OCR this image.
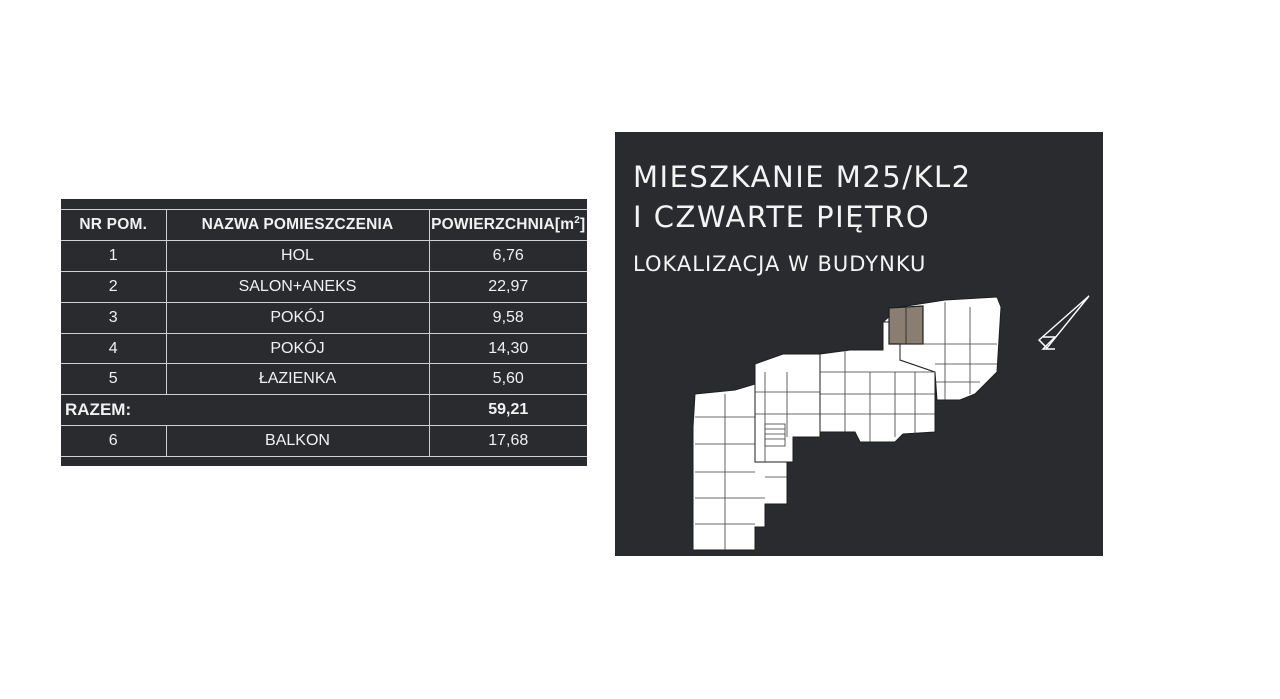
NR POM.	NAZWA POMIESZCZENIA	$POWIERZCHNIA[m^2]$
1	HOL	6,76
2	SALON+ANEKS	22,97
3	POKÓJ	9,58
4	POKÓJ	14,30
5	ŁAZIENKA	5,60
RAZEM:		59,21
6	BALKON	17,68
MIESZKANIE M25/KL2
I CZWARTE PIĘTRO
LOKALIZACJA W BUDYNKU
